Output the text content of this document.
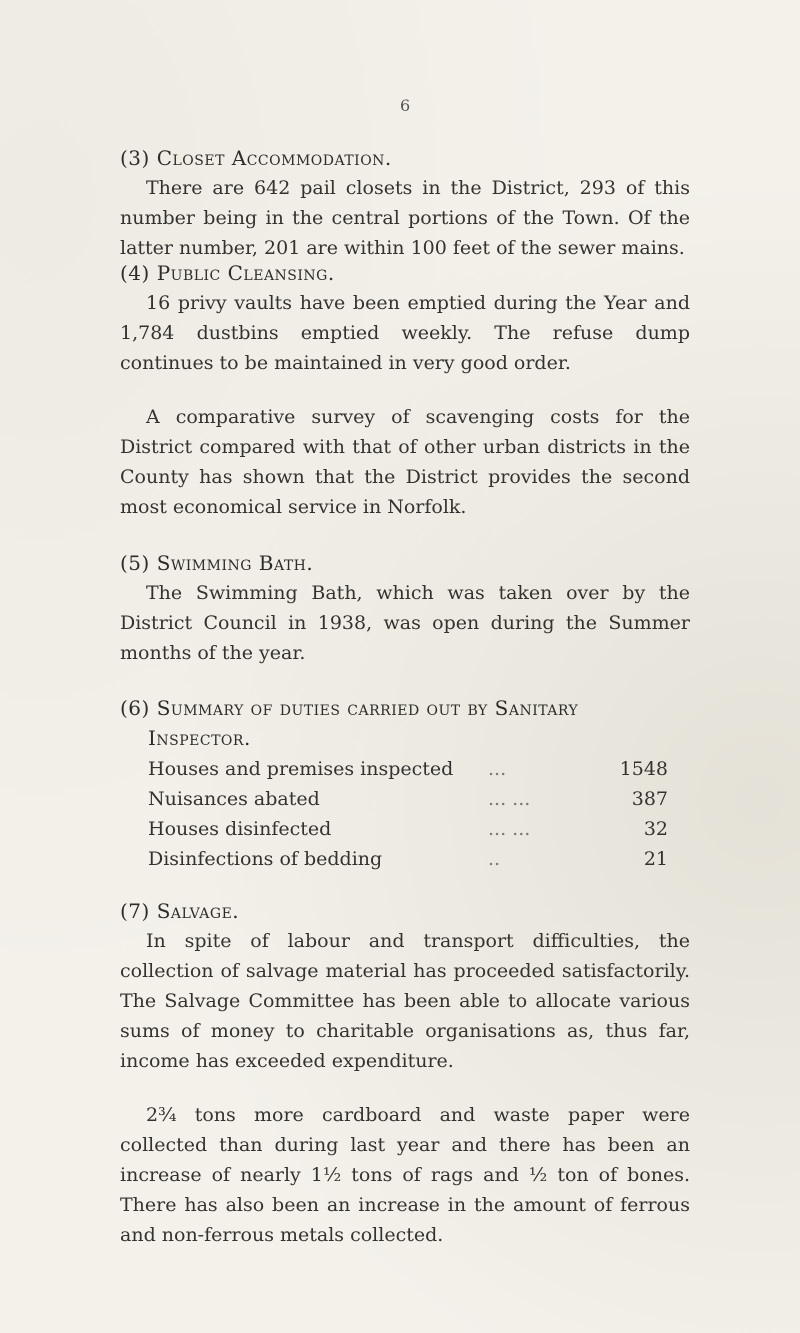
6
(3) Closet Accommodation.

There are 642 pail closets in the District, 293 of this number being in the central portions of the Town. Of the latter number, 201 are within 100 feet of the sewer mains.

(4) Public Cleansing.

16 privy vaults have been emptied during the Year and 1,784 dustbins emptied weekly. The refuse dump continues to be maintained in very good order.

A comparative survey of scavenging costs for the District compared with that of other urban districts in the County has shown that the District provides the second most economical service in Norfolk.

(5) Swimming Bath.

The Swimming Bath, which was taken over by the District Council in 1938, was open during the Summer months of the year.

(6) Summary of duties carried out by Sanitary
Inspector.
Houses and premises inspected	...	1548
Nuisances abated	... ...	387
Houses disinfected	... ...	32
Disinfections of bedding	..	21
(7) Salvage.

In spite of labour and transport difficulties, the collection of salvage material has proceeded satisfactorily. The Salvage Committee has been able to allocate various sums of money to charitable organisations as, thus far, income has exceeded expenditure.

2¾ tons more cardboard and waste paper were collected than during last year and there has been an increase of nearly 1½ tons of rags and ½ ton of bones. There has also been an increase in the amount of ferrous and non-ferrous metals collected.
